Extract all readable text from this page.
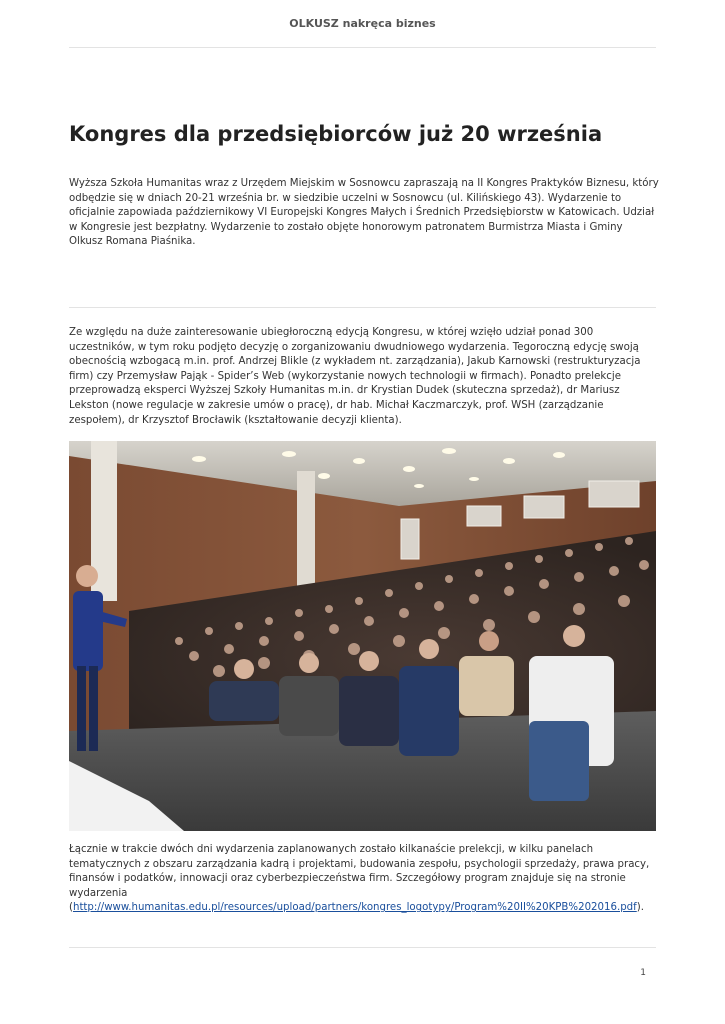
OLKUSZ nakręca biznes
Kongres dla przedsiębiorców już 20 września

Wyższa Szkoła Humanitas wraz z Urzędem Miejskim w Sosnowcu zapraszają na II Kongres Praktyków Biznesu, który odbędzie się w dniach 20-21 września br. w siedzibie uczelni w Sosnowcu (ul. Kilińskiego 43). Wydarzenie to oficjalnie zapowiada październikowy VI Europejski Kongres Małych i Średnich Przedsiębiorstw w Katowicach. Udział w Kongresie jest bezpłatny. Wydarzenie to zostało objęte honorowym patronatem Burmistrza Miasta i Gminy Olkusz Romana Piaśnika.

Ze względu na duże zainteresowanie ubiegłoroczną edycją Kongresu, w której wzięło udział ponad 300 uczestników, w tym roku podjęto decyzję o zorganizowaniu dwudniowego wydarzenia. Tegoroczną edycję swoją obecnością wzbogacą m.in. prof. Andrzej Blikle (z wykładem nt. zarządzania), Jakub Karnowski (restrukturyzacja firm) czy Przemysław Pająk - Spider’s Web (wykorzystanie nowych technologii w firmach). Ponadto prelekcje przeprowadzą eksperci Wyższej Szkoły Humanitas m.in. dr Krystian Dudek (skuteczna sprzedaż), dr Mariusz Lekston (nowe regulacje w zakresie umów o pracę), dr hab. Michał Kaczmarczyk, prof. WSH (zarządzanie zespołem), dr Krzysztof Brocławik (kształtowanie decyzji klienta).

Łącznie w trakcie dwóch dni wydarzenia zaplanowanych zostało kilkanaście prelekcji, w kilku panelach tematycznych z obszaru zarządzania kadrą i projektami, budowania zespołu, psychologii sprzedaży, prawa pracy, finansów i podatków, innowacji oraz cyberbezpieczeństwa firm. Szczegółowy program znajduje się na stronie wydarzenia (http://www.humanitas.edu.pl/resources/upload/partners/kongres_logotypy/Program%20II%20KPB%202016.pdf).

1
